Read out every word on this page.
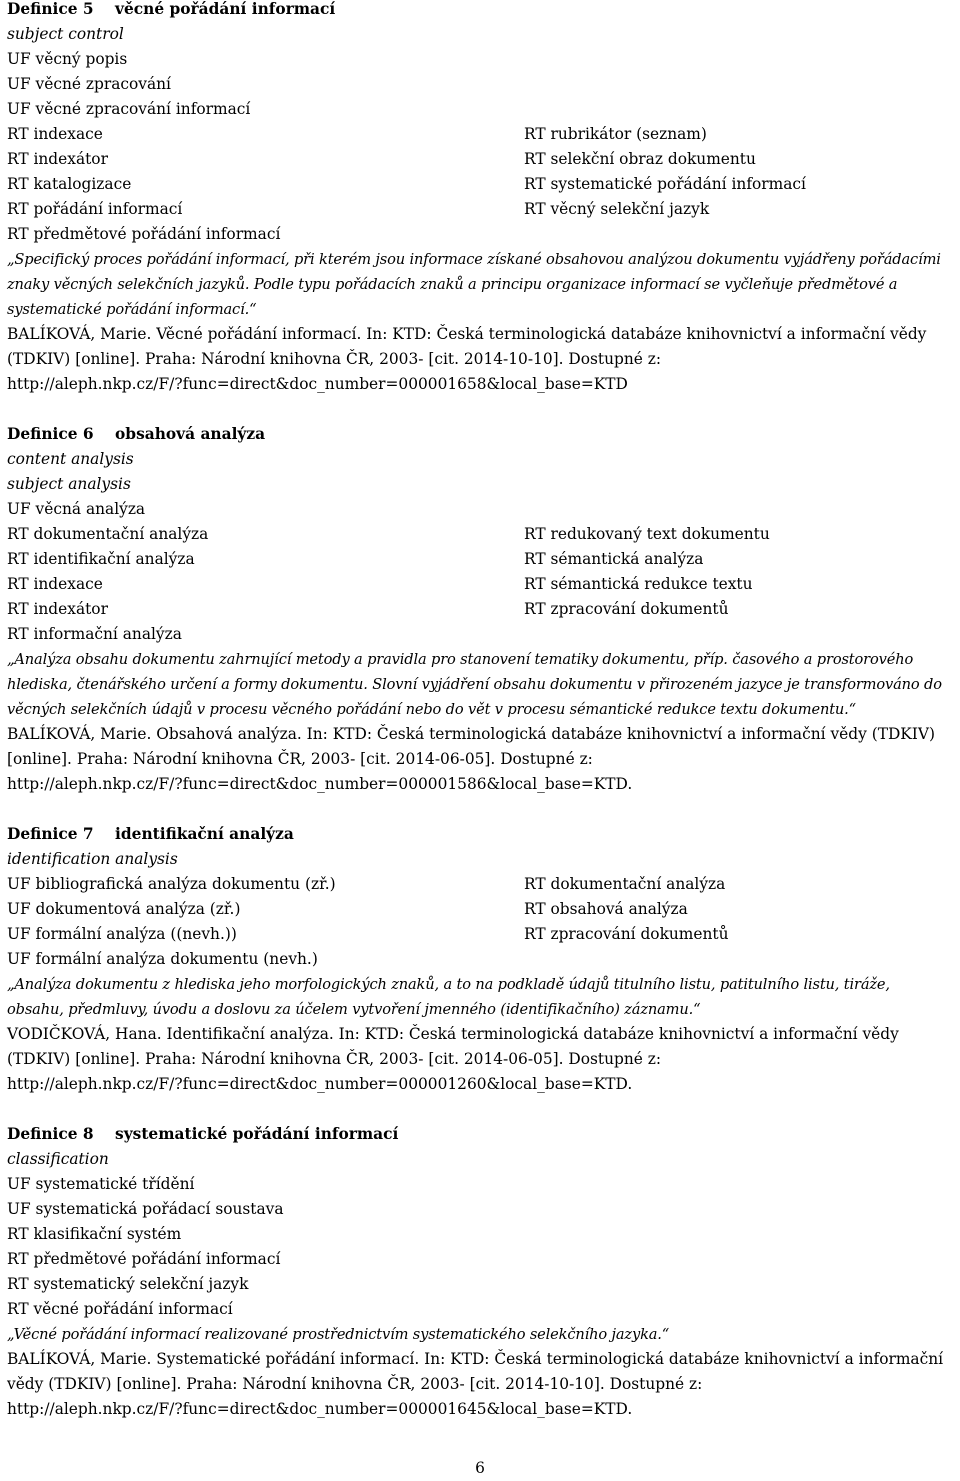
Definice 5 věcné pořádání informací
subject control
UF věcný popis
UF věcné zpracování
UF věcné zpracování informací
RT indexace	RT rubrikátor (seznam)
RT indexátor	RT selekční obraz dokumentu
RT katalogizace	RT systematické pořádání informací
RT pořádání informací	RT věcný selekční jazyk
RT předmětové pořádání informací
„Specifický proces pořádání informací, při kterém jsou informace získané obsahovou analýzou dokumentu vyjádřeny pořádacími
znaky věcných selekčních jazyků. Podle typu pořádacích znaků a principu organizace informací se vyčleňuje předmětové a
systematické pořádání informací.“
BALÍKOVÁ, Marie. Věcné pořádání informací. In: KTD: Česká terminologická databáze knihovnictví a informační vědy
(TDKIV) [online]. Praha: Národní knihovna ČR, 2003- [cit. 2014-10-10]. Dostupné z:
http://aleph.nkp.cz/F/?func=direct&doc_number=000001658&local_base=KTD
Definice 6 obsahová analýza
content analysis
subject analysis
UF věcná analýza
RT dokumentační analýza	RT redukovaný text dokumentu
RT identifikační analýza	RT sémantická analýza
RT indexace	RT sémantická redukce textu
RT indexátor	RT zpracování dokumentů
RT informační analýza
„Analýza obsahu dokumentu zahrnující metody a pravidla pro stanovení tematiky dokumentu, příp. časového a prostorového
hlediska, čtenářského určení a formy dokumentu. Slovní vyjádření obsahu dokumentu v přirozeném jazyce je transformováno do
věcných selekčních údajů v procesu věcného pořádání nebo do vět v procesu sémantické redukce textu dokumentu.“
BALÍKOVÁ, Marie. Obsahová analýza. In: KTD: Česká terminologická databáze knihovnictví a informační vědy (TDKIV)
[online]. Praha: Národní knihovna ČR, 2003- [cit. 2014-06-05]. Dostupné z:
http://aleph.nkp.cz/F/?func=direct&doc_number=000001586&local_base=KTD.
Definice 7 identifikační analýza
identification analysis
UF bibliografická analýza dokumentu (zř.)	RT dokumentační analýza
UF dokumentová analýza (zř.)	RT obsahová analýza
UF formální analýza ((nevh.))	RT zpracování dokumentů
UF formální analýza dokumentu (nevh.)
„Analýza dokumentu z hlediska jeho morfologických znaků, a to na podkladě údajů titulního listu, patitulního listu, tiráže,
obsahu, předmluvy, úvodu a doslovu za účelem vytvoření jmenného (identifikačního) záznamu.“
VODIČKOVÁ, Hana. Identifikační analýza. In: KTD: Česká terminologická databáze knihovnictví a informační vědy
(TDKIV) [online]. Praha: Národní knihovna ČR, 2003- [cit. 2014-06-05]. Dostupné z:
http://aleph.nkp.cz/F/?func=direct&doc_number=000001260&local_base=KTD.
Definice 8 systematické pořádání informací
classification
UF systematické třídění
UF systematická pořádací soustava
RT klasifikační systém
RT předmětové pořádání informací
RT systematický selekční jazyk
RT věcné pořádání informací
„Věcné pořádání informací realizované prostřednictvím systematického selekčního jazyka.“
BALÍKOVÁ, Marie. Systematické pořádání informací. In: KTD: Česká terminologická databáze knihovnictví a informační
vědy (TDKIV) [online]. Praha: Národní knihovna ČR, 2003- [cit. 2014-10-10]. Dostupné z:
http://aleph.nkp.cz/F/?func=direct&doc_number=000001645&local_base=KTD.
6
